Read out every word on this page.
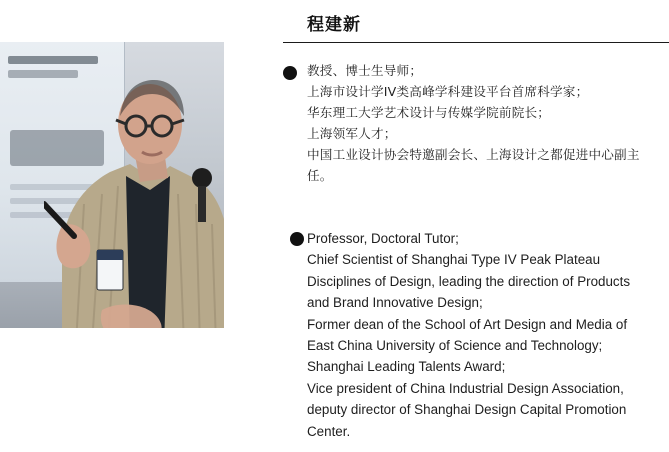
程建新
教授、博士生导师；
上海市设计学IV类高峰学科建设平台首席科学家；
华东理工大学艺术设计与传媒学院前院长；
上海领军人才；
中国工业设计协会特邀副会长、上海设计之都促进中心副主
任。
Professor, Doctoral Tutor;
Chief Scientist of Shanghai Type IV Peak Plateau
Disciplines of Design, leading the direction of Products
and Brand Innovative Design;
Former dean of the School of Art Design and Media of
East China University of Science and Technology;
Shanghai Leading Talents Award;
Vice president of China Industrial Design Association,
deputy director of Shanghai Design Capital Promotion
Center.
